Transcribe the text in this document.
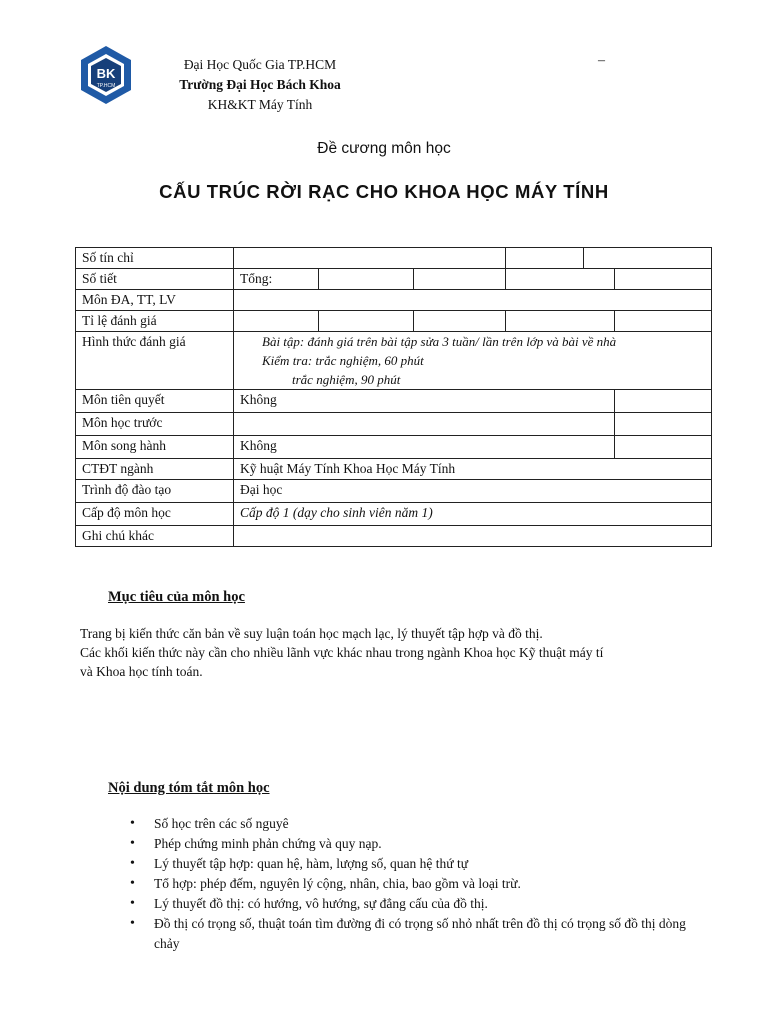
BK
TP.HCM
Đại Học Quốc Gia TP.HCM
Trường Đại Học Bách Khoa
KH&KT Máy Tính
–
Đề cương môn học
CẤU TRÚC RỜI RẠC CHO KHOA HỌC MÁY TÍNH
Số tín chỉ						
Số tiết	Tổng:					
Môn ĐA, TT, LV						
Tỉ lệ đánh giá						
Hình thức đánh giá	Bài tập: đánh giá trên bài tập sửa 3 tuần/ lần trên lớp và bài về nhà
Kiểm tra: trắc nghiệm, 60 phút
trắc nghiệm, 90 phút					

Môn tiên quyết	Không					
Môn học trước						
Môn song hành	Không					
CTĐT ngành	Kỹ huật Máy Tính Khoa Học Máy Tính					
Trình độ đào tạo	Đại học					
Cấp độ môn học	Cấp độ 1 (dạy cho sinh viên năm 1)					
Ghi chú khác						
Mục tiêu của môn học
Trang bị kiến thức căn bản về suy luận toán học mạch lạc, lý thuyết tập hợp và đồ thị.
Các khối kiến thức này cần cho nhiều lãnh vực khác nhau trong ngành Khoa học Kỹ thuật máy tí
và Khoa học tính toán.
Nội dung tóm tắt môn học
• Số học trên các số nguyê
• Phép chứng minh phản chứng và quy nạp.
• Lý thuyết tập hợp: quan hệ, hàm, lượng số, quan hệ thứ tự
• Tổ hợp: phép đếm, nguyên lý cộng, nhân, chia, bao gồm và loại trừ.
• Lý thuyết đồ thị: có hướng, vô hướng, sự đẳng cấu của đồ thị.
• Đồ thị có trọng số, thuật toán tìm đường đi có trọng số nhỏ nhất trên đồ thị có trọng số đồ thị dòng chảy
